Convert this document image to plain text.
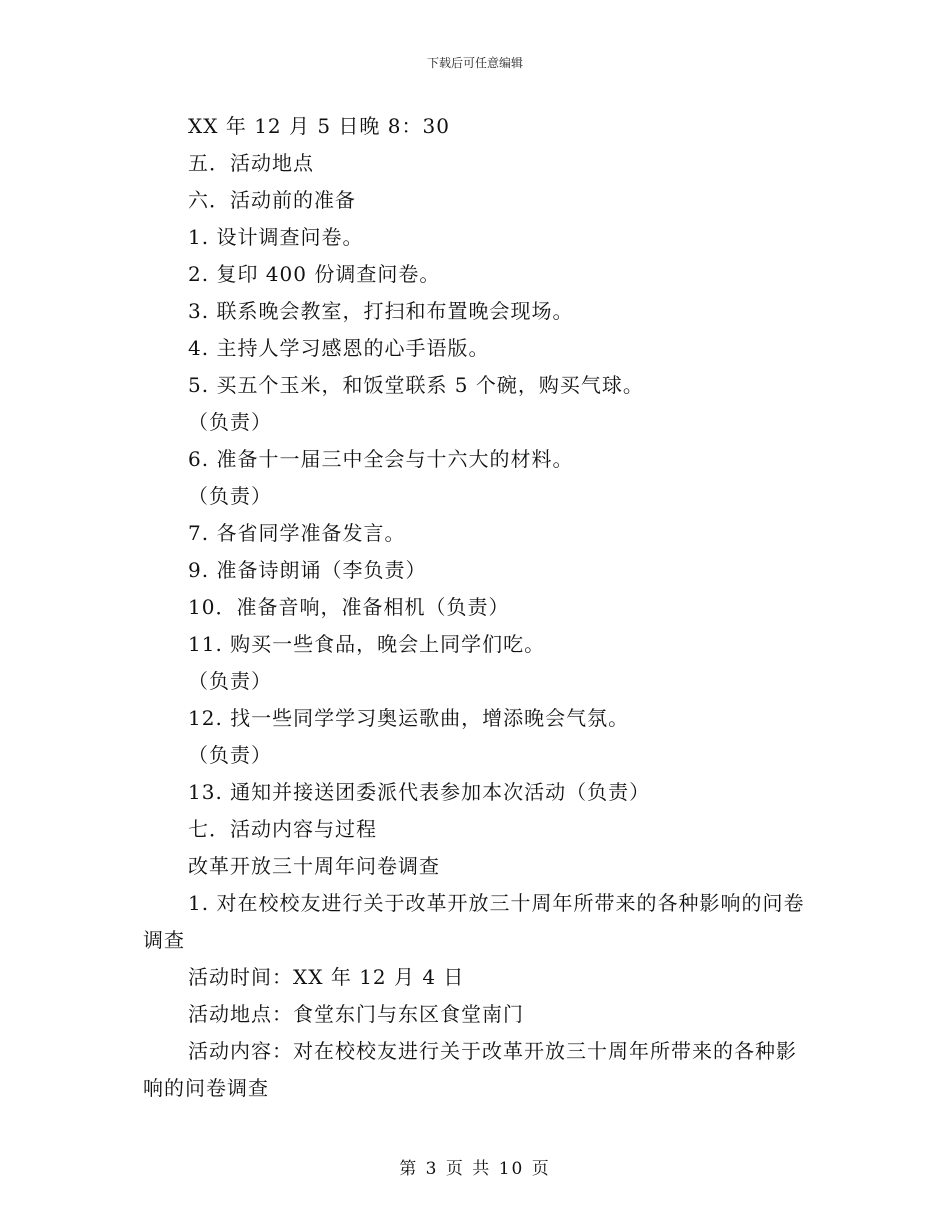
下载后可任意编辑
XX 年 12 月 5 日晚 8：30
五．活动地点
六．活动前的准备
1. 设计调查问卷。
2. 复印 400 份调查问卷。
3. 联系晚会教室，打扫和布置晚会现场。
4. 主持人学习感恩的心手语版。
5. 买五个玉米，和饭堂联系 5 个碗，购买气球。
（负责）
6. 准备十一届三中全会与十六大的材料。
（负责）
7. 各省同学准备发言。
9. 准备诗朗诵（李负责）
10．准备音响，准备相机（负责）
11. 购买一些食品，晚会上同学们吃。
（负责）
12. 找一些同学学习奥运歌曲，增添晚会气氛。
（负责）
13. 通知并接送团委派代表参加本次活动（负责）
七．活动内容与过程
改革开放三十周年问卷调查
1. 对在校校友进行关于改革开放三十周年所带来的各种影响的问卷调查
活动时间：XX 年 12 月 4 日
活动地点：食堂东门与东区食堂南门
活动内容：对在校校友进行关于改革开放三十周年所带来的各种影响的问卷调查
第 3 页 共 10 页
